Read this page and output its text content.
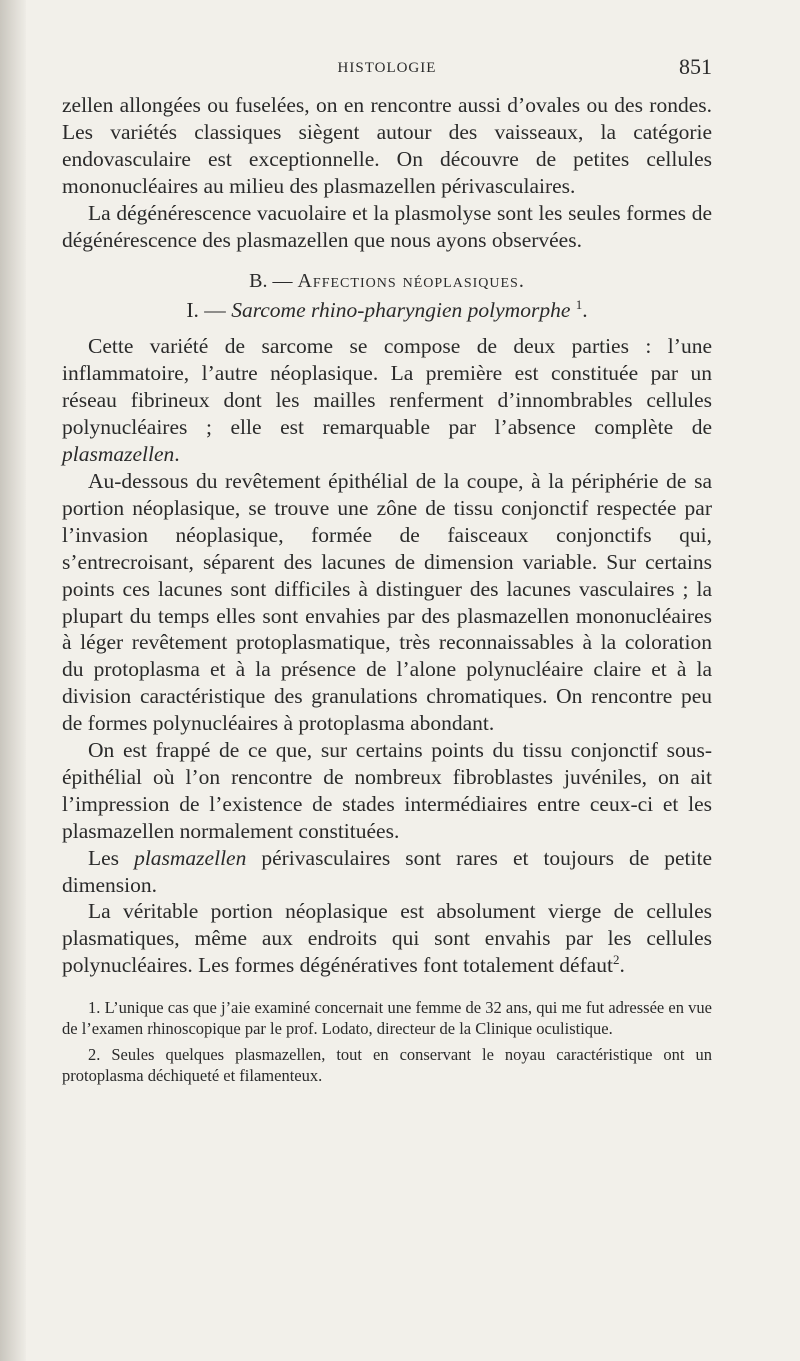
HISTOLOGIE	851

zellen allongées ou fuselées, on en rencontre aussi d’ovales ou des rondes. Les variétés classiques siègent autour des vaisseaux, la catégorie endovasculaire est exceptionnelle. On découvre de petites cellules mononucléaires au milieu des plasmazellen périvasculaires.

La dégénérescence vacuolaire et la plasmolyse sont les seules formes de dégénérescence des plasmazellen que nous ayons observées.

B. — Affections néoplasiques.
I. — Sarcome rhino-pharyngien polymorphe $^1$.

Cette variété de sarcome se compose de deux parties : l’une inflammatoire, l’autre néoplasique. La première est constituée par un réseau fibrineux dont les mailles renferment d’innombrables cellules polynucléaires ; elle est remarquable par l’absence complète de plasmazellen.

Au-dessous du revêtement épithélial de la coupe, à la périphérie de sa portion néoplasique, se trouve une zône de tissu conjonctif respectée par l’invasion néoplasique, formée de faisceaux conjonctifs qui, s’entrecroisant, séparent des lacunes de dimension variable. Sur certains points ces lacunes sont difficiles à distinguer des lacunes vasculaires ; la plupart du temps elles sont envahies par des plasmazellen mononucléaires à léger revêtement protoplasmatique, très reconnaissables à la coloration du protoplasma et à la présence de l’alone polynucléaire claire et à la division caractéristique des granulations chromatiques. On rencontre peu de formes polynucléaires à protoplasma abondant.

On est frappé de ce que, sur certains points du tissu conjonctif sous-épithélial où l’on rencontre de nombreux fibroblastes juvéniles, on ait l’impression de l’existence de stades intermédiaires entre ceux-ci et les plasmazellen normalement constituées.

Les plasmazellen périvasculaires sont rares et toujours de petite dimension.

La véritable portion néoplasique est absolument vierge de cellules plasmatiques, même aux endroits qui sont envahis par les cellules polynucléaires. Les formes dégénératives font totalement défaut$^2$.

1. L’unique cas que j’aie examiné concernait une femme de 32 ans, qui me fut adressée en vue de l’examen rhinoscopique par le prof. Lodato, directeur de la Clinique oculistique.

2. Seules quelques plasmazellen, tout en conservant le noyau caractéristique ont un protoplasma déchiqueté et filamenteux.
